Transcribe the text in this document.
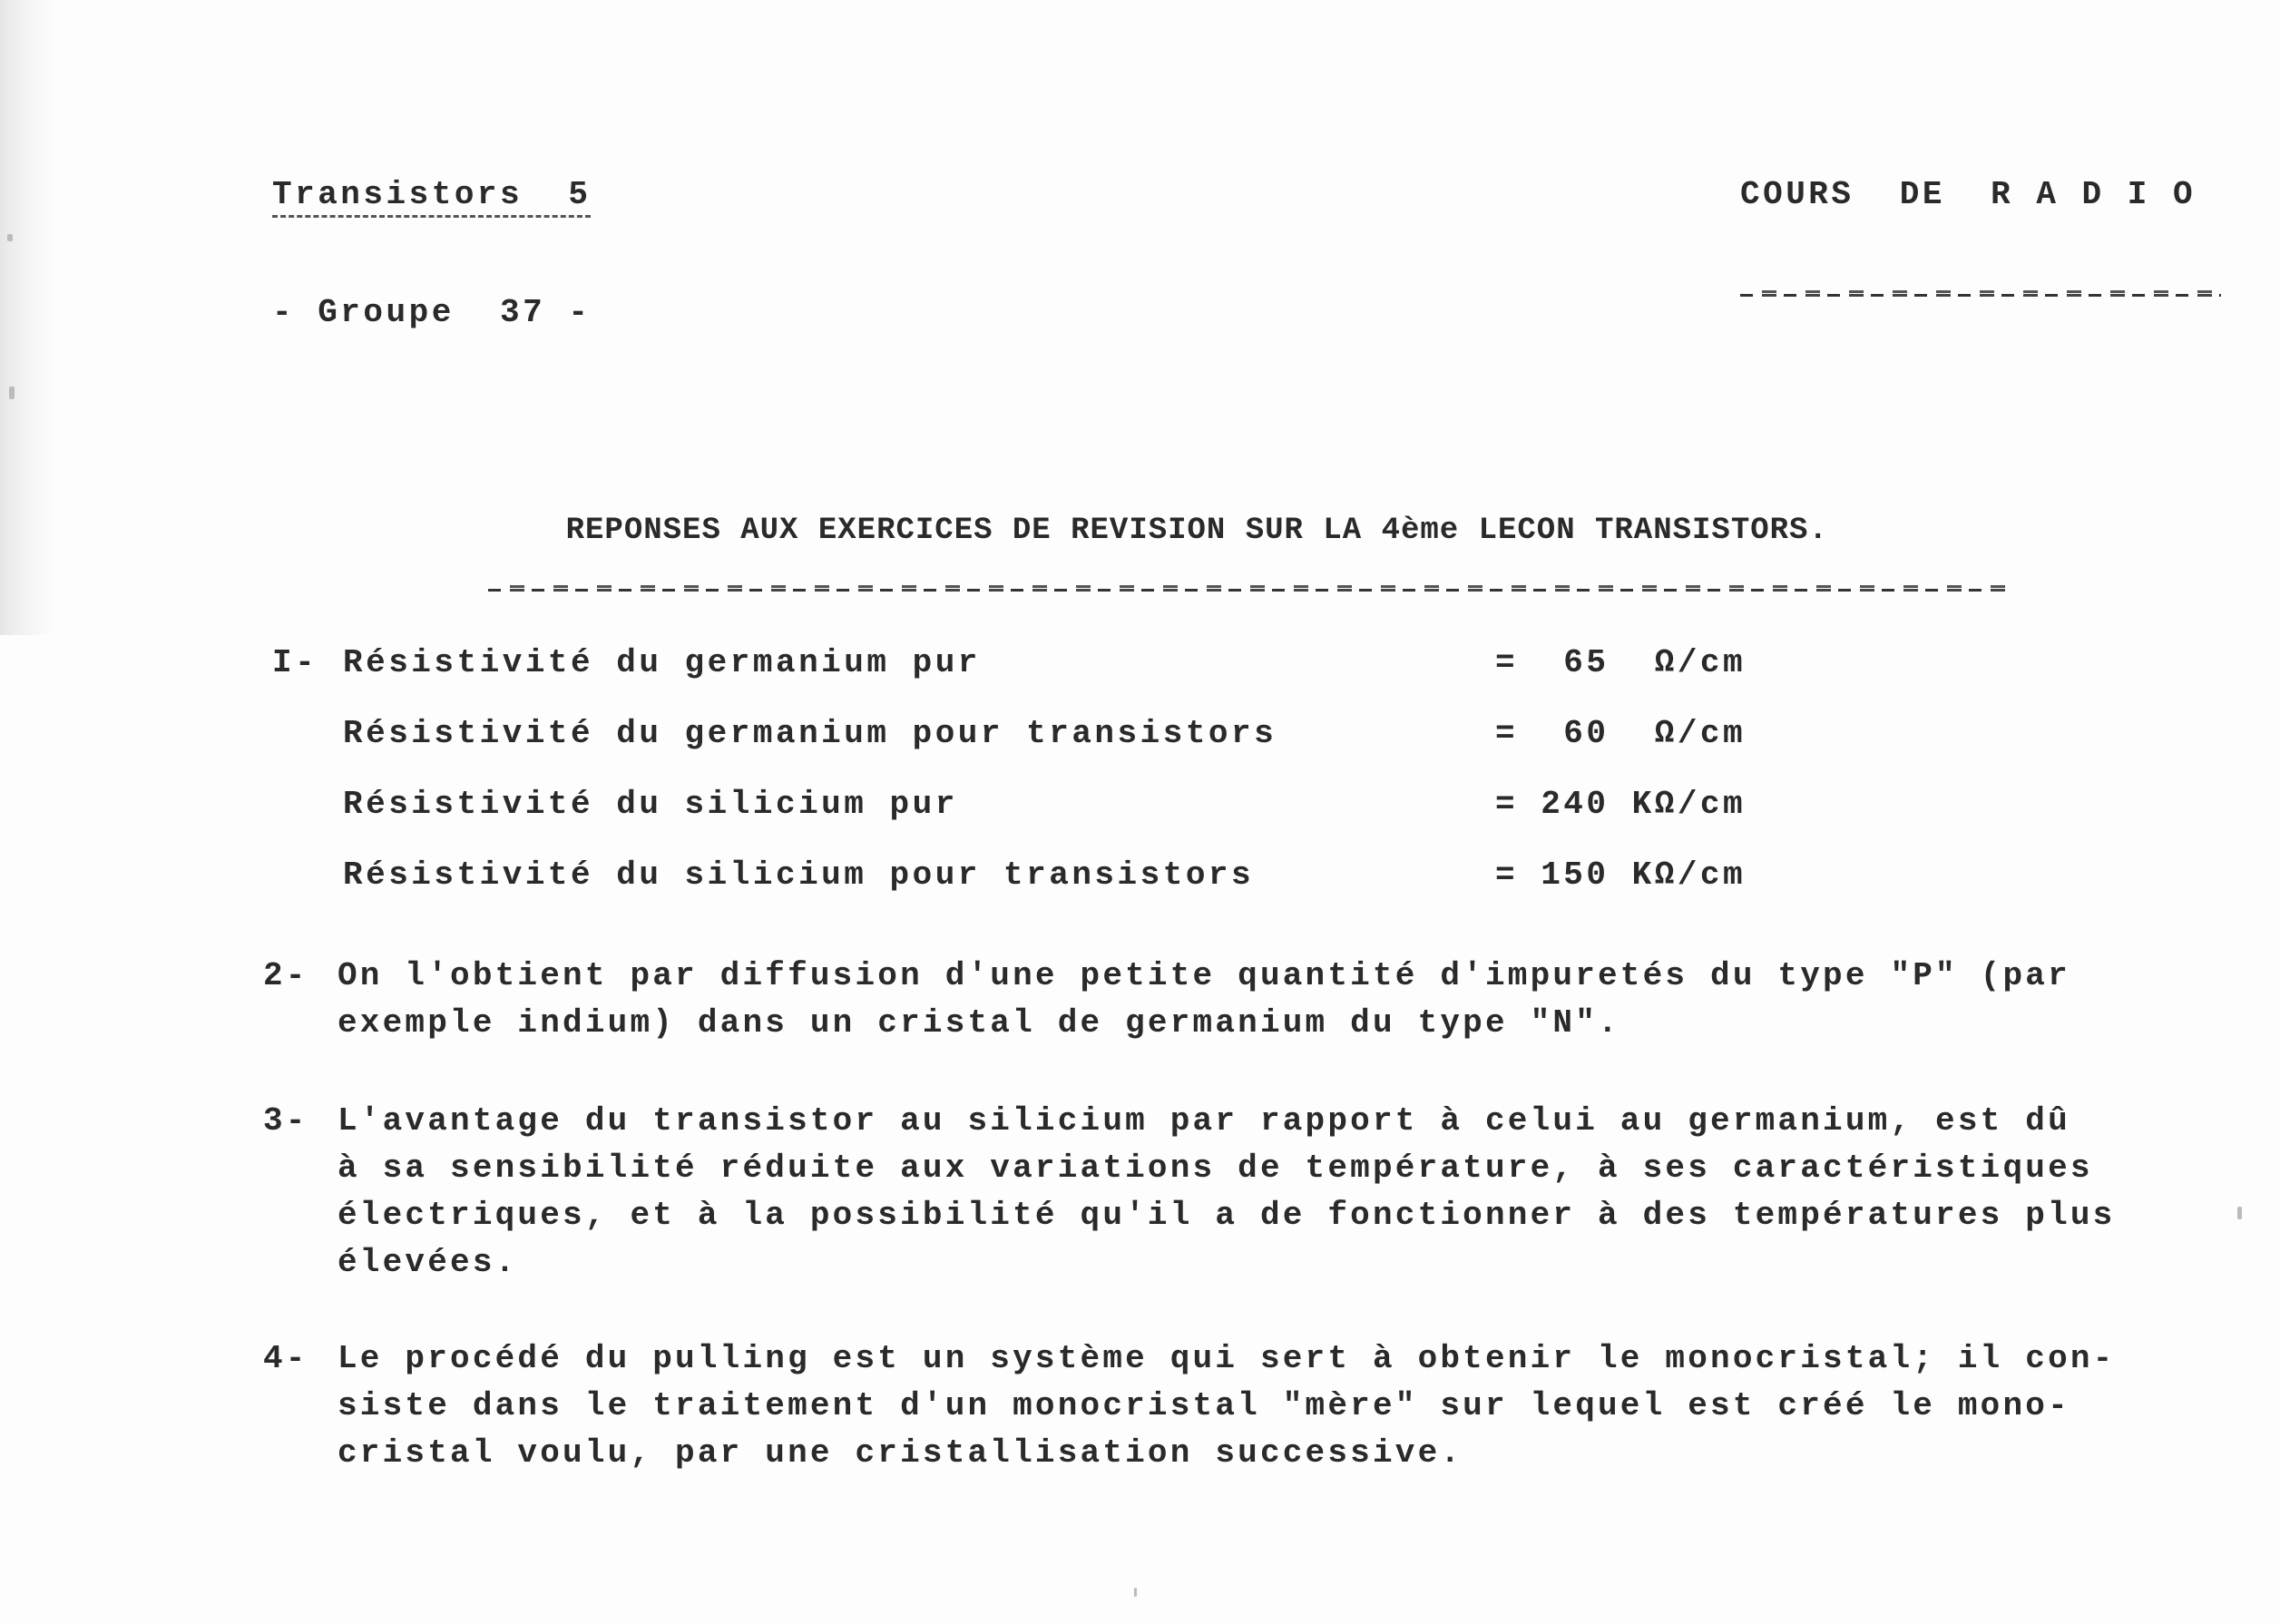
Transistors  5

- Groupe  37 -

COURS  DE  R A D I O

REPONSES AUX EXERCICES DE REVISION SUR LA 4ème LECON TRANSISTORS.

I- Résistivité du germanium pur	=  65  Ω/cm
Résistivité du germanium pour transistors	=  60  Ω/cm
Résistivité du silicium pur	= 240 KΩ/cm
Résistivité du silicium pour transistors	= 150 KΩ/cm
2- On l'obtient par diffusion d'une petite quantité d'impuretés du type "P" (par
exemple indium) dans un cristal de germanium du type "N".
3- L'avantage du transistor au silicium par rapport à celui au germanium, est dû
à sa sensibilité réduite aux variations de température, à ses caractéristiques
électriques, et à la possibilité qu'il a de fonctionner à des températures plus
élevées.
4- Le procédé du pulling est un système qui sert à obtenir le monocristal; il con-
siste dans le traitement d'un monocristal "mère" sur lequel est créé le mono-
cristal voulu, par une cristallisation successive.
